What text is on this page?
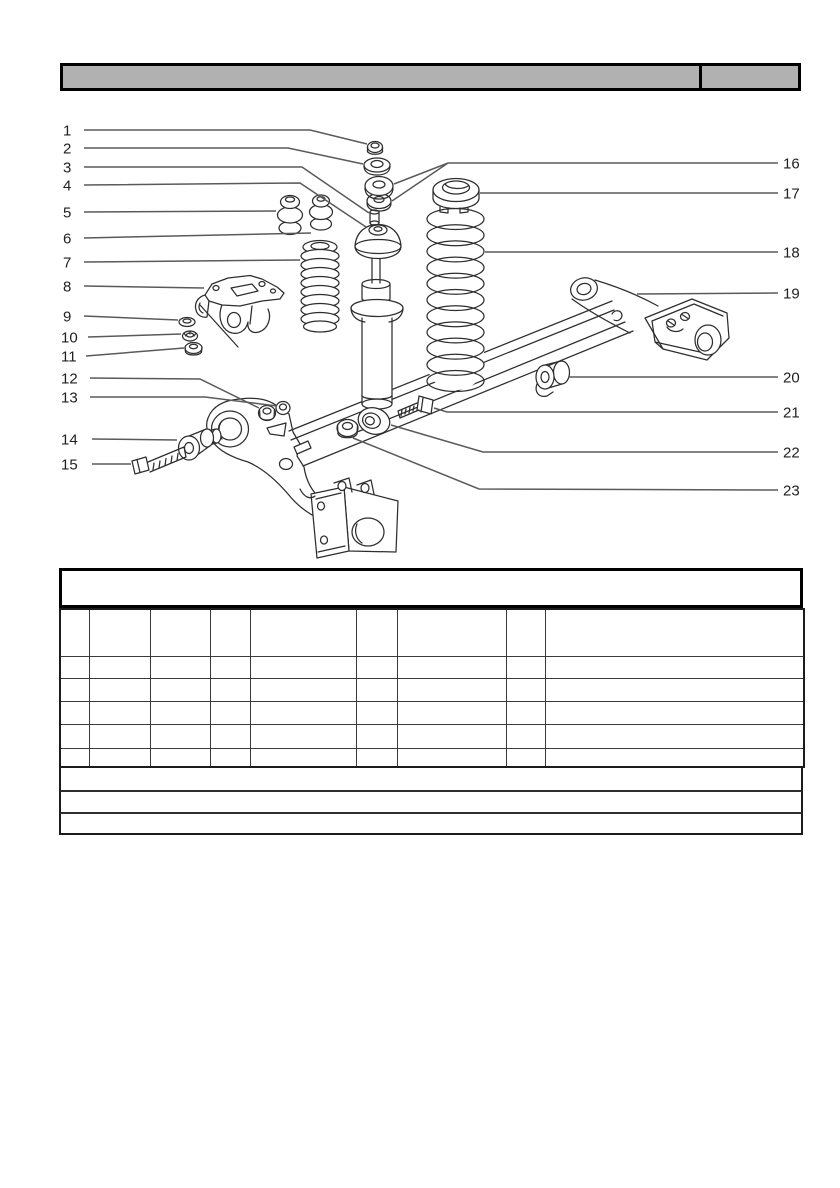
1
2
3
4
5
6
7
8
9
10
11
12
13
14
15
16
17
18
19
20
21
22
23
